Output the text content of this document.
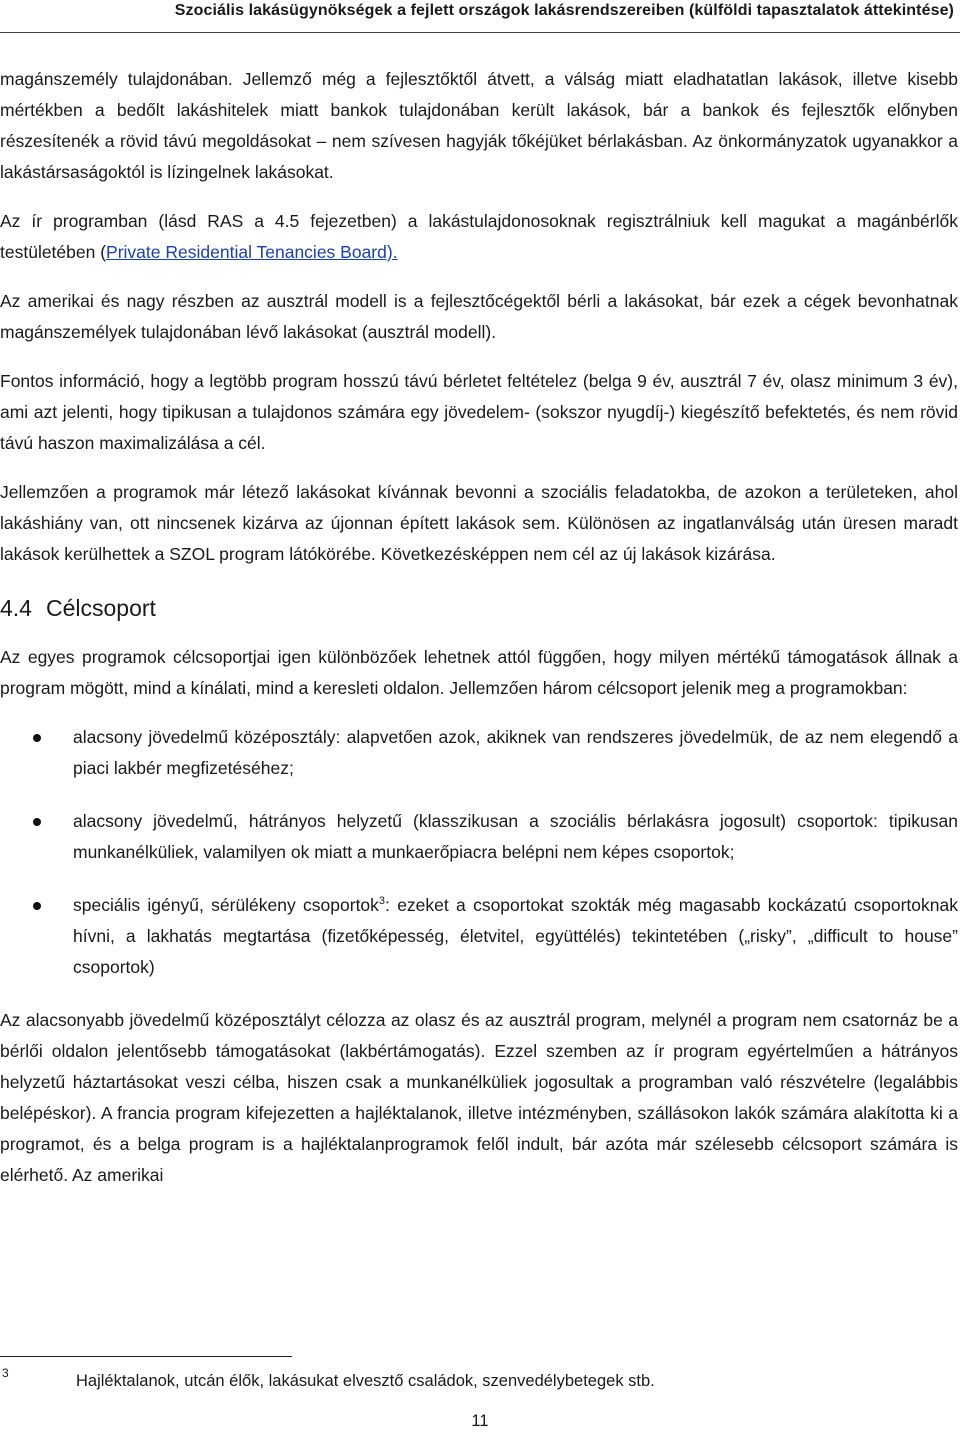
Szociális lakásügynökségek a fejlett országok lakásrendszereiben (külföldi tapasztalatok áttekintése)

magánszemély tulajdonában. Jellemző még a fejlesztőktől átvett, a válság miatt eladhatatlan lakások, illetve kisebb mértékben a bedőlt lakáshitelek miatt bankok tulajdonában került lakások, bár a bankok és fejlesztők előnyben részesítenék a rövid távú megoldásokat – nem szívesen hagyják tőkéjüket bérlakásban. Az önkormányzatok ugyanakkor a lakástársaságoktól is lízingelnek lakásokat.

Az ír programban (lásd RAS a 4.5 fejezetben) a lakástulajdonosoknak regisztrálniuk kell magukat a magánbérlők testületében (Private Residential Tenancies Board).

Az amerikai és nagy részben az ausztrál modell is a fejlesztőcégektől bérli a lakásokat, bár ezek a cégek bevonhatnak magánszemélyek tulajdonában lévő lakásokat (ausztrál modell).

Fontos információ, hogy a legtöbb program hosszú távú bérletet feltételez (belga 9 év, ausztrál 7 év, olasz minimum 3 év), ami azt jelenti, hogy tipikusan a tulajdonos számára egy jövedelem- (sokszor nyugdíj-) kiegészítő befektetés, és nem rövid távú haszon maximalizálása a cél.

Jellemzően a programok már létező lakásokat kívánnak bevonni a szociális feladatokba, de azokon a területeken, ahol lakáshiány van, ott nincsenek kizárva az újonnan épített lakások sem. Különösen az ingatlanválság után üresen maradt lakások kerülhettek a SZOL program látókörébe. Következésképpen nem cél az új lakások kizárása.

4.4 Célcsoport

Az egyes programok célcsoportjai igen különbözőek lehetnek attól függően, hogy milyen mértékű támogatások állnak a program mögött, mind a kínálati, mind a keresleti oldalon. Jellemzően három célcsoport jelenik meg a programokban:

alacsony jövedelmű középosztály: alapvetően azok, akiknek van rendszeres jövedelmük, de az nem elegendő a piaci lakbér megfizetéséhez;
alacsony jövedelmű, hátrányos helyzetű (klasszikusan a szociális bérlakásra jogosult) csoportok: tipikusan munkanélküliek, valamilyen ok miatt a munkaerőpiacra belépni nem képes csoportok;
speciális igényű, sérülékeny csoportok$^3$: ezeket a csoportokat szokták még magasabb kockázatú csoportoknak hívni, a lakhatás megtartása (fizetőképesség, életvitel, együttélés) tekintetében („risky”, „difficult to house” csoportok)

Az alacsonyabb jövedelmű középosztályt célozza az olasz és az ausztrál program, melynél a program nem csatornáz be a bérlői oldalon jelentősebb támogatásokat (lakbértámogatás). Ezzel szemben az ír program egyértelműen a hátrányos helyzetű háztartásokat veszi célba, hiszen csak a munkanélküliek jogosultak a programban való részvételre (legalábbis belépéskor). A francia program kifejezetten a hajléktalanok, illetve intézményben, szállásokon lakók számára alakította ki a programot, és a belga program is a hajléktalanprogramok felől indult, bár azóta már szélesebb célcsoport számára is elérhető. Az amerikai

3	Hajléktalanok, utcán élők, lakásukat elvesztő családok, szenvedélybetegek stb.
11
